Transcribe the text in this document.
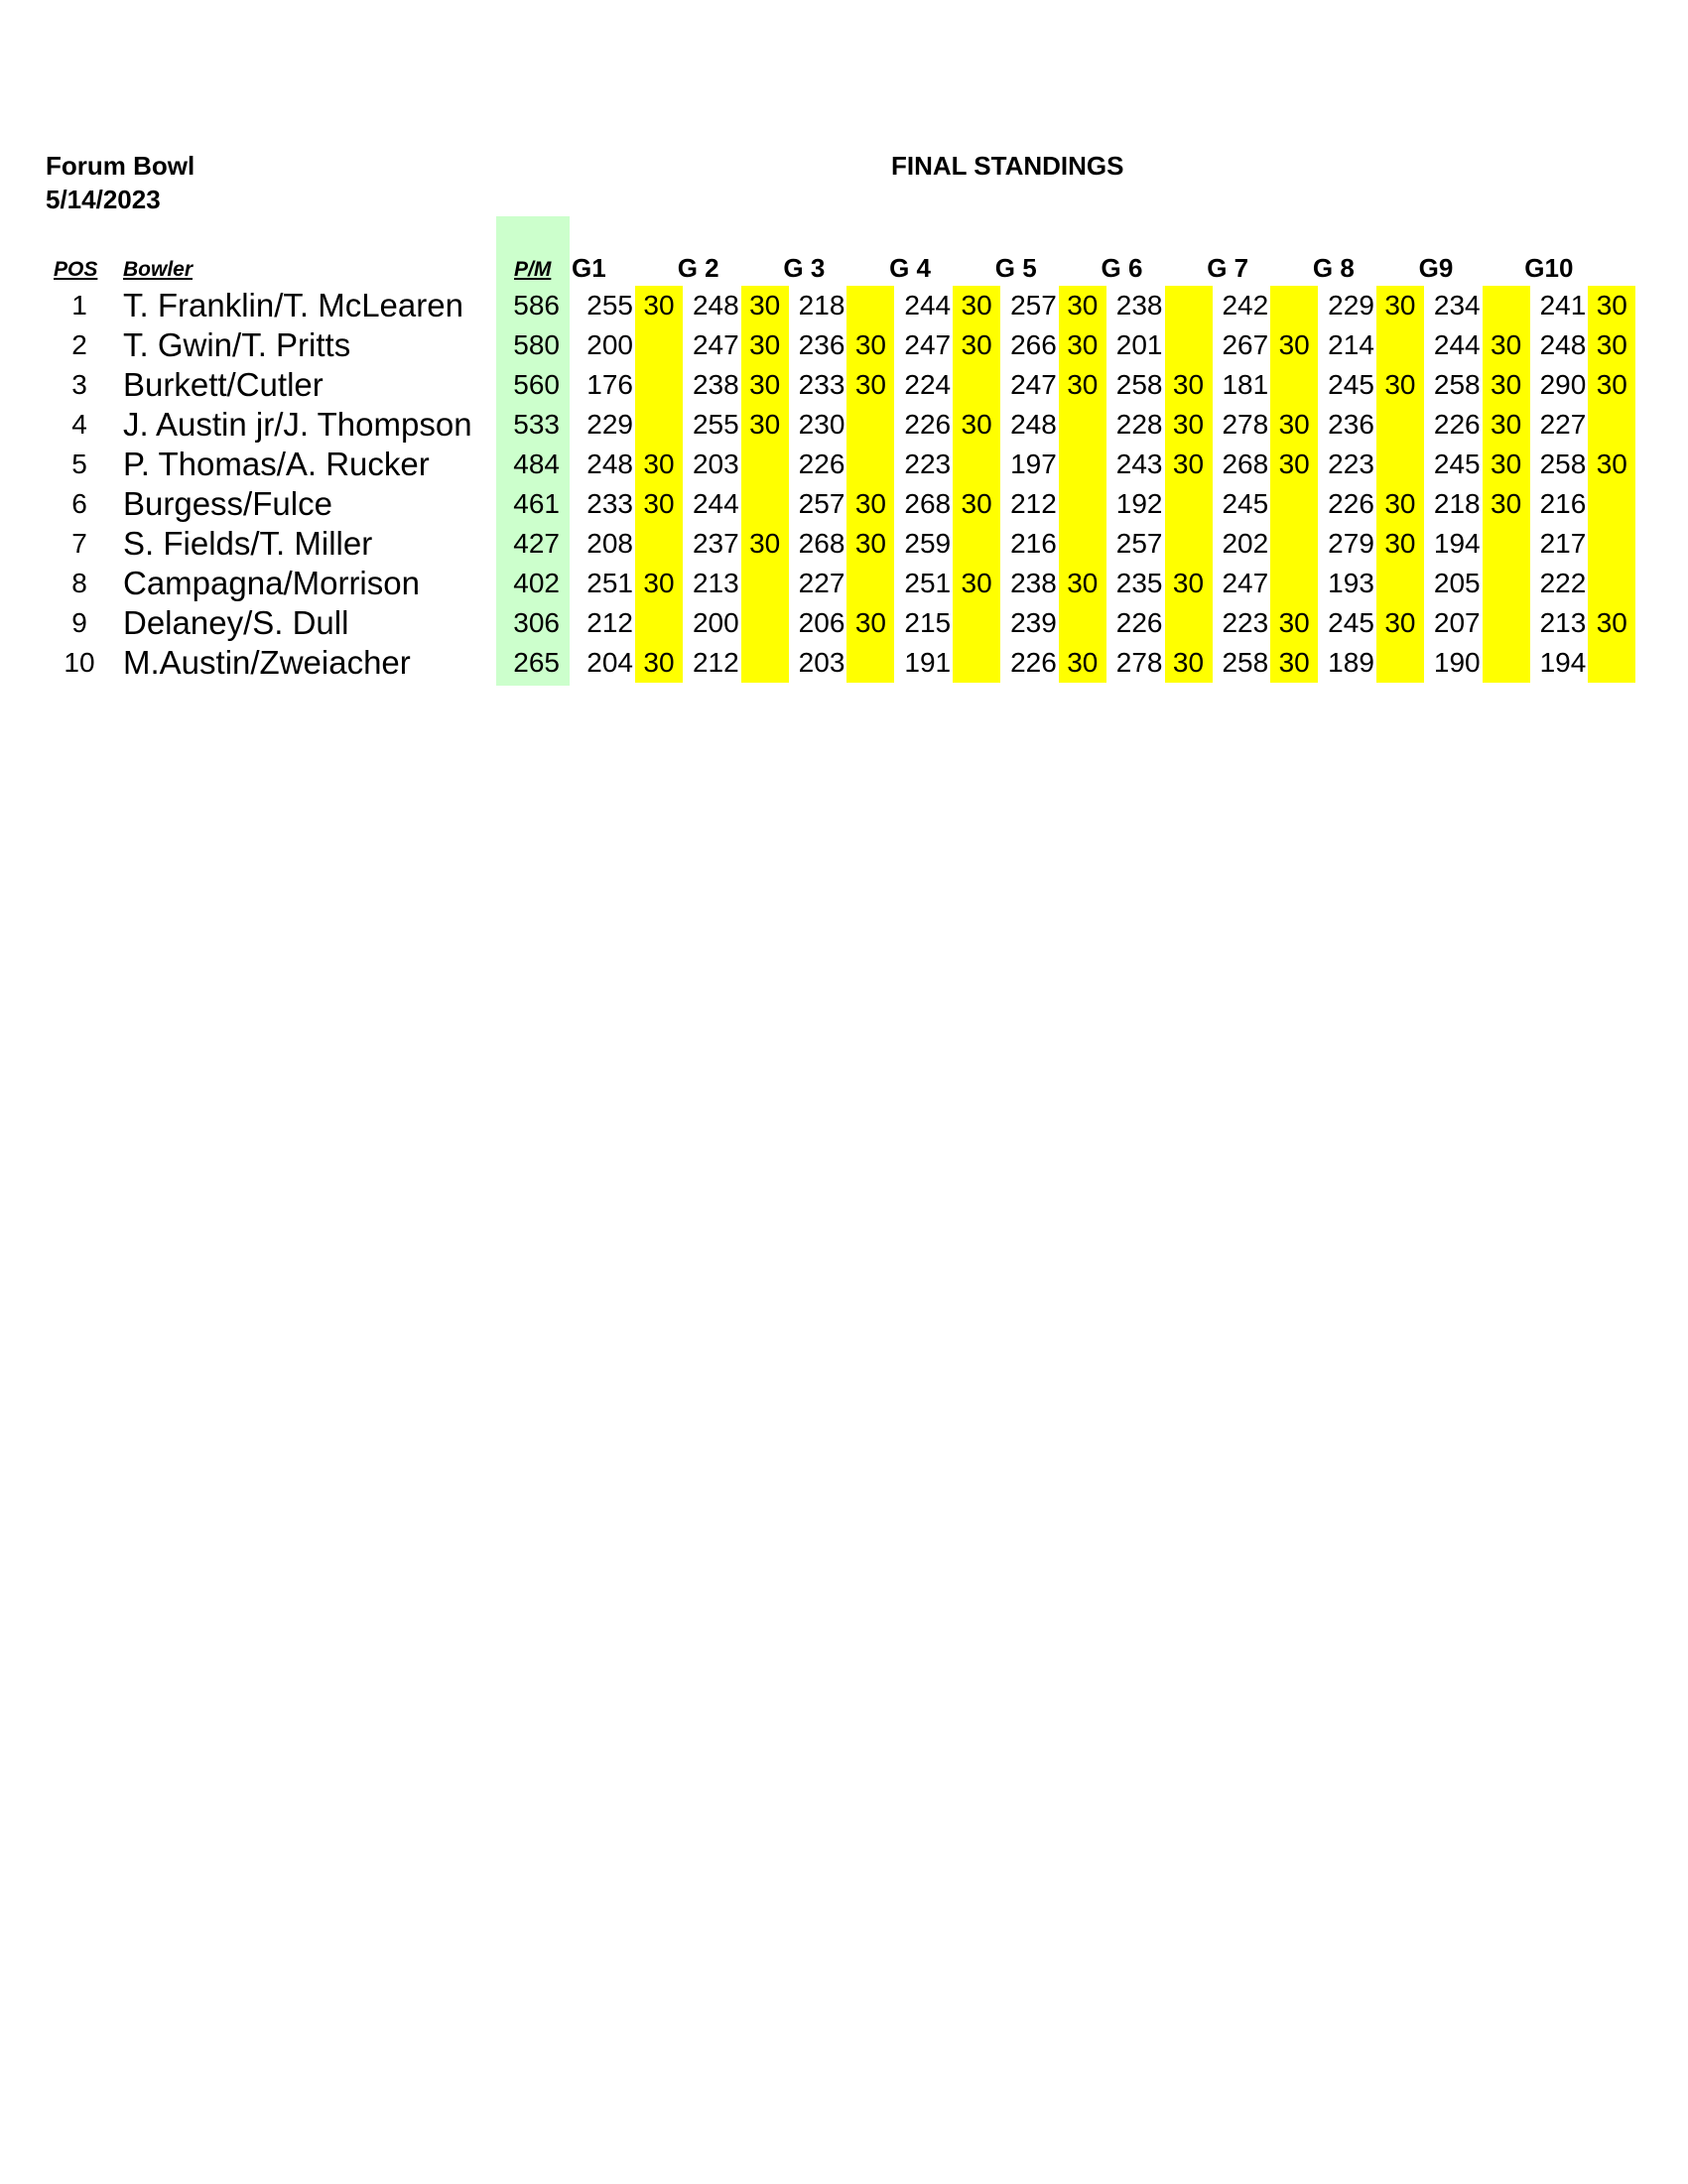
Forum Bowl
5/14/2023
FINAL STANDINGS
POS Bowler	P/M G1	G 2 G 3 G 4 G 5 G 6 G 7 G 8 G9	G10
1	T. Franklin/T. McLearen	586 255 30 248 30 218	244 30 257 30 238	242	229 30 234	241 30
2	T. Gwin/T. Pritts	580 200	247 30 236 30 247 30 266 30 201	267 30 214	244 30 248 30
3	Burkett/Cutler	560 176	238 30 233 30 224	247 30 258 30 181	245 30 258 30 290 30
4	J. Austin jr/J. Thompson	533 229	255 30 230	226 30 248	228 30 278 30 236	226 30 227
5	P. Thomas/A. Rucker	484 248 30 203	226	223	197	243 30 268 30 223	245 30 258 30
6	Burgess/Fulce	461 233 30 244	257 30 268 30 212	192	245	226 30 218 30 216
7	S. Fields/T. Miller	427 208	237 30 268 30 259	216	257	202	279 30 194	217
8	Campagna/Morrison	402 251 30 213	227	251 30 238 30 235 30 247	193	205	222
9	Delaney/S. Dull	306 212	200	206 30 215	239	226	223 30 245 30 207	213 30
10 M.Austin/Zweiacher	265 204 30 212	203	191	226 30 278 30 258 30 189	190	194
